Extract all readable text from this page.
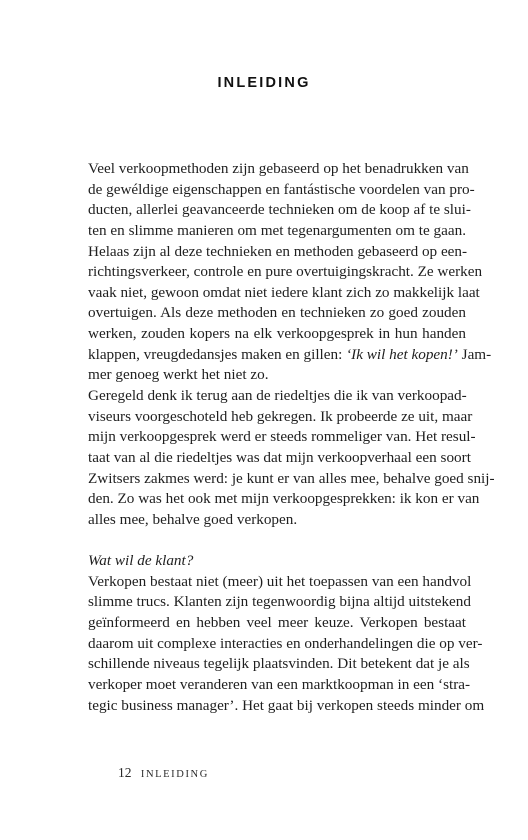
INLEIDING
Veel verkoopmethoden zijn gebaseerd op het benadrukken van
de gewéldige eigenschappen en fantástische voordelen van pro-
ducten, allerlei geavanceerde technieken om de koop af te slui-
ten en slimme manieren om met tegenargumenten om te gaan.
Helaas zijn al deze technieken en methoden gebaseerd op een-
richtingsverkeer, controle en pure overtuigingskracht. Ze werken
vaak niet, gewoon omdat niet iedere klant zich zo makkelijk laat
overtuigen. Als deze methoden en technieken zo goed zouden
werken, zouden kopers na elk verkoopgesprek in hun handen
klappen, vreugdedansjes maken en gillen: ‘Ik wil het kopen!’ Jam-
mer genoeg werkt het niet zo.
Geregeld denk ik terug aan de riedeltjes die ik van verkoopad-
viseurs voorgeschoteld heb gekregen. Ik probeerde ze uit, maar
mijn verkoopgesprek werd er steeds rommeliger van. Het resul-
taat van al die riedeltjes was dat mijn verkoopverhaal een soort
Zwitsers zakmes werd: je kunt er van alles mee, behalve goed snij-
den. Zo was het ook met mijn verkoopgesprekken: ik kon er van
alles mee, behalve goed verkopen.
Wat wil de klant?
Verkopen bestaat niet (meer) uit het toepassen van een handvol
slimme trucs. Klanten zijn tegenwoordig bijna altijd uitstekend
geïnformeerd en hebben veel meer keuze. Verkopen bestaat
daarom uit complexe interacties en onderhandelingen die op ver-
schillende niveaus tegelijk plaatsvinden. Dit betekent dat je als
verkoper moet veranderen van een marktkoopman in een ‘stra-
tegic business manager’. Het gaat bij verkopen steeds minder om
12 INLEIDING
